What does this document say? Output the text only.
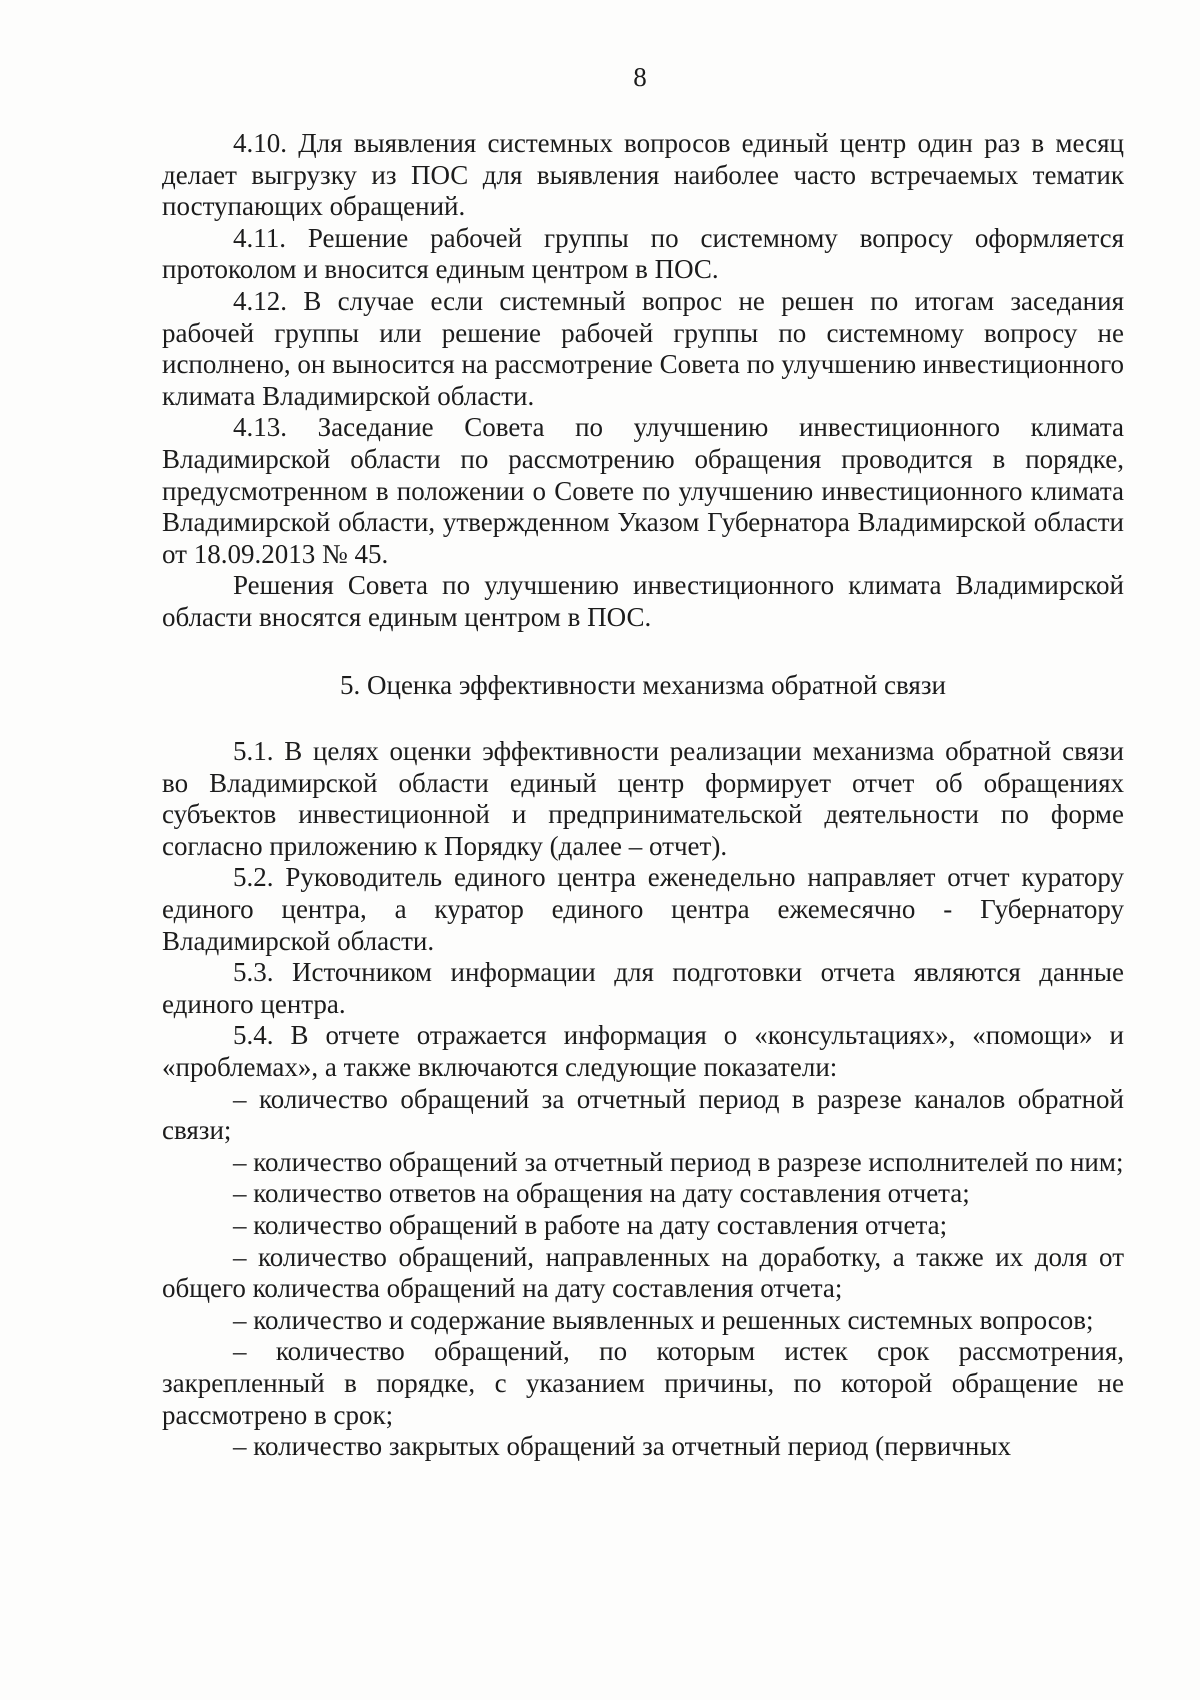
8

4.10. Для выявления системных вопросов единый центр один раз в месяц делает выгрузку из ПОС для выявления наиболее часто встречаемых тематик поступающих обращений.

4.11. Решение рабочей группы по системному вопросу оформляется протоколом и вносится единым центром в ПОС.

4.12. В случае если системный вопрос не решен по итогам заседания рабочей группы или решение рабочей группы по системному вопросу не исполнено, он выносится на рассмотрение Совета по улучшению инвестиционного климата Владимирской области.

4.13. Заседание Совета по улучшению инвестиционного климата Владимирской области по рассмотрению обращения проводится в порядке, предусмотренном в положении о Совете по улучшению инвестиционного климата Владимирской области, утвержденном Указом Губернатора Владимирской области от 18.09.2013 № 45.

Решения Совета по улучшению инвестиционного климата Владимирской области вносятся единым центром в ПОС.

5. Оценка эффективности механизма обратной связи

5.1. В целях оценки эффективности реализации механизма обратной связи во Владимирской области единый центр формирует отчет об обращениях субъектов инвестиционной и предпринимательской деятельности по форме согласно приложению к Порядку (далее – отчет).

5.2. Руководитель единого центра еженедельно направляет отчет куратору единого центра, а куратор единого центра ежемесячно - Губернатору Владимирской области.

5.3. Источником информации для подготовки отчета являются данные единого центра.

5.4. В отчете отражается информация о «консультациях», «помощи» и «проблемах», а также включаются следующие показатели:

– количество обращений за отчетный период в разрезе каналов обратной связи;

– количество обращений за отчетный период в разрезе исполнителей по ним;

– количество ответов на обращения на дату составления отчета;

– количество обращений в работе на дату составления отчета;

– количество обращений, направленных на доработку, а также их доля от общего количества обращений на дату составления отчета;

– количество и содержание выявленных и решенных системных вопросов;

– количество обращений, по которым истек срок рассмотрения, закрепленный в порядке, с указанием причины, по которой обращение не рассмотрено в срок;

– количество закрытых обращений за отчетный период (первичных
